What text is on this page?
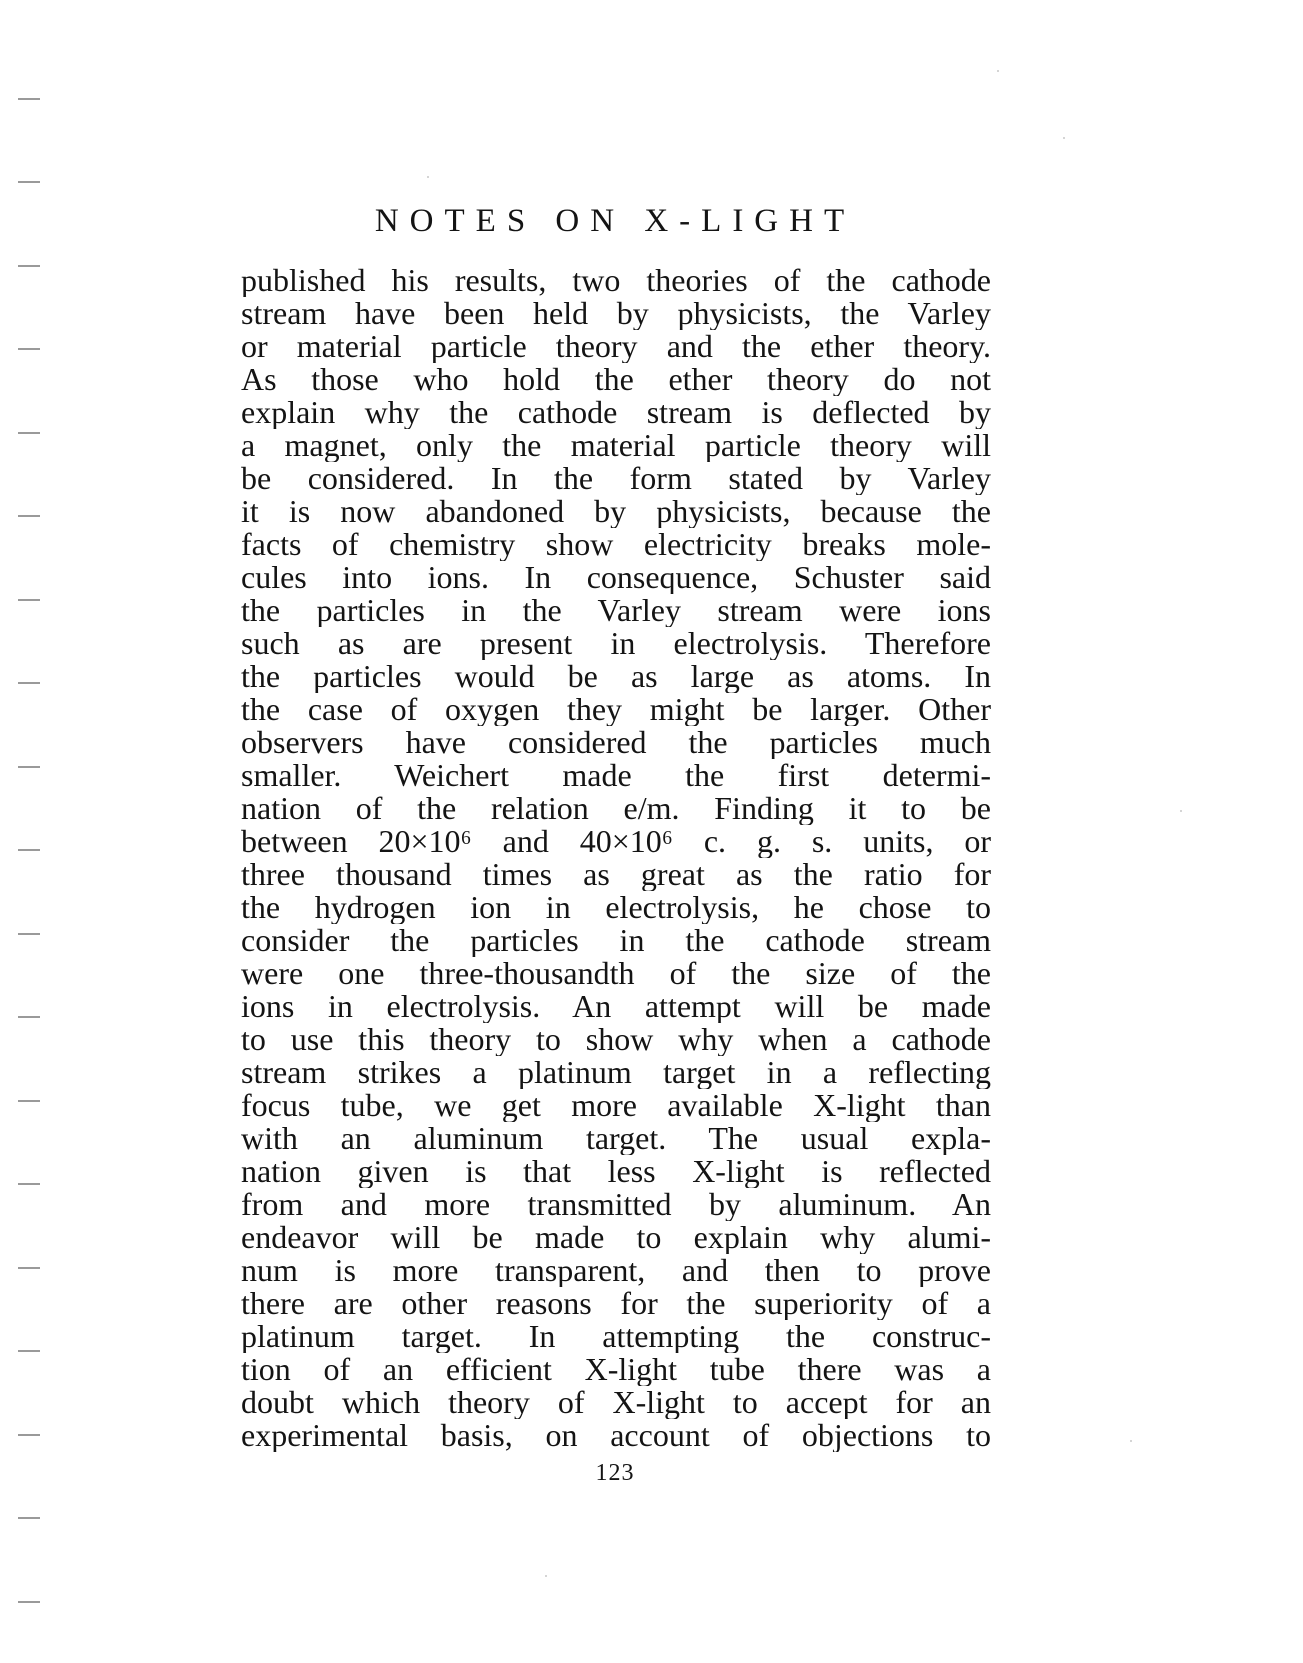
NOTES ON X-LIGHT
published his results, two theories of the cathode
stream have been held by physicists, the Varley
or material particle theory and the ether theory.
As those who hold the ether theory do not
explain why the cathode stream is deflected by
a magnet, only the material particle theory will
be considered. In the form stated by Varley
it is now abandoned by physicists, because the
facts of chemistry show electricity breaks mole-
cules into ions. In consequence, Schuster said
the particles in the Varley stream were ions
such as are present in electrolysis. Therefore
the particles would be as large as atoms. In
the case of oxygen they might be larger. Other
observers have considered the particles much
smaller. Weichert made the first determi-
nation of the relation e/m. Finding it to be
between 20×10⁶ and 40×10⁶ c. g. s. units, or
three thousand times as great as the ratio for
the hydrogen ion in electrolysis, he chose to
consider the particles in the cathode stream
were one three-thousandth of the size of the
ions in electrolysis. An attempt will be made
to use this theory to show why when a cathode
stream strikes a platinum target in a reflecting
focus tube, we get more available X-light than
with an aluminum target. The usual expla-
nation given is that less X-light is reflected
from and more transmitted by aluminum. An
endeavor will be made to explain why alumi-
num is more transparent, and then to prove
there are other reasons for the superiority of a
platinum target. In attempting the construc-
tion of an efficient X-light tube there was a
doubt which theory of X-light to accept for an
experimental basis, on account of objections to
123
